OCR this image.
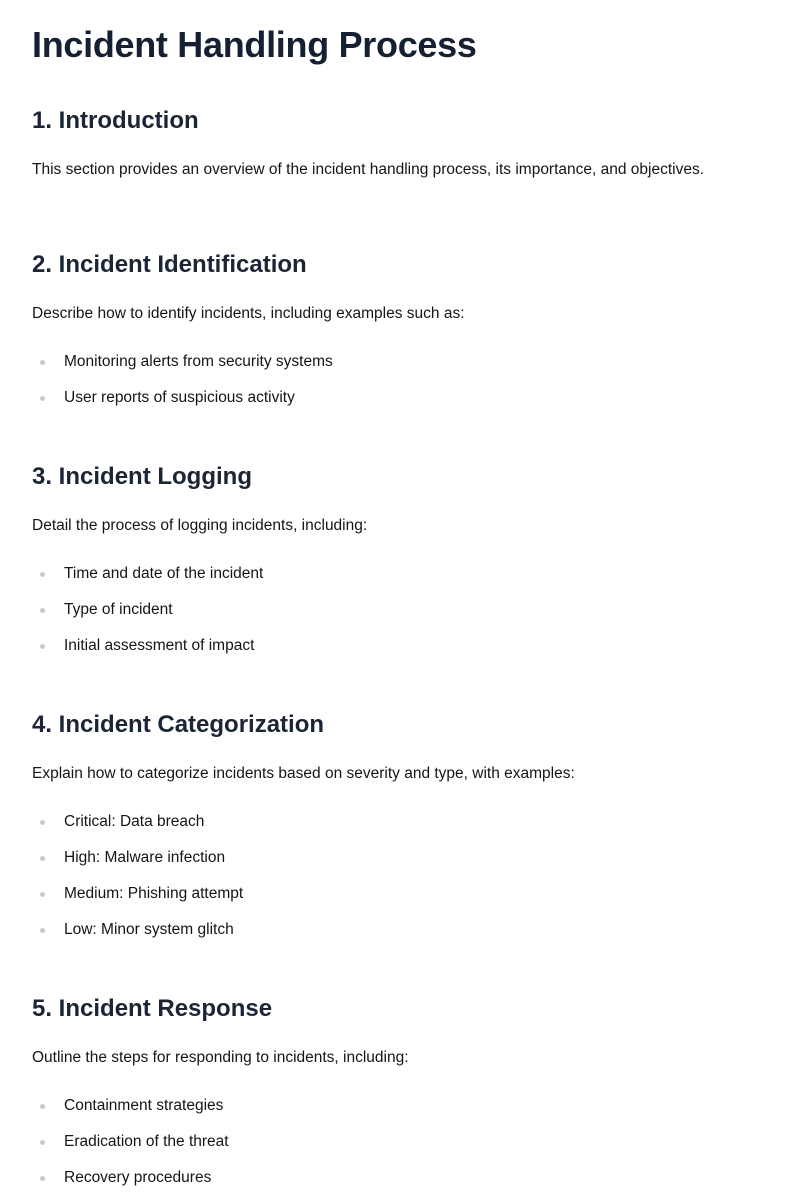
Incident Handling Process
1. Introduction

This section provides an overview of the incident handling process, its importance, and objectives.

2. Incident Identification

Describe how to identify incidents, including examples such as:

Monitoring alerts from security systems
User reports of suspicious activity
3. Incident Logging

Detail the process of logging incidents, including:

Time and date of the incident
Type of incident
Initial assessment of impact
4. Incident Categorization

Explain how to categorize incidents based on severity and type, with examples:

Critical: Data breach
High: Malware infection
Medium: Phishing attempt
Low: Minor system glitch
5. Incident Response

Outline the steps for responding to incidents, including:

Containment strategies
Eradication of the threat
Recovery procedures
